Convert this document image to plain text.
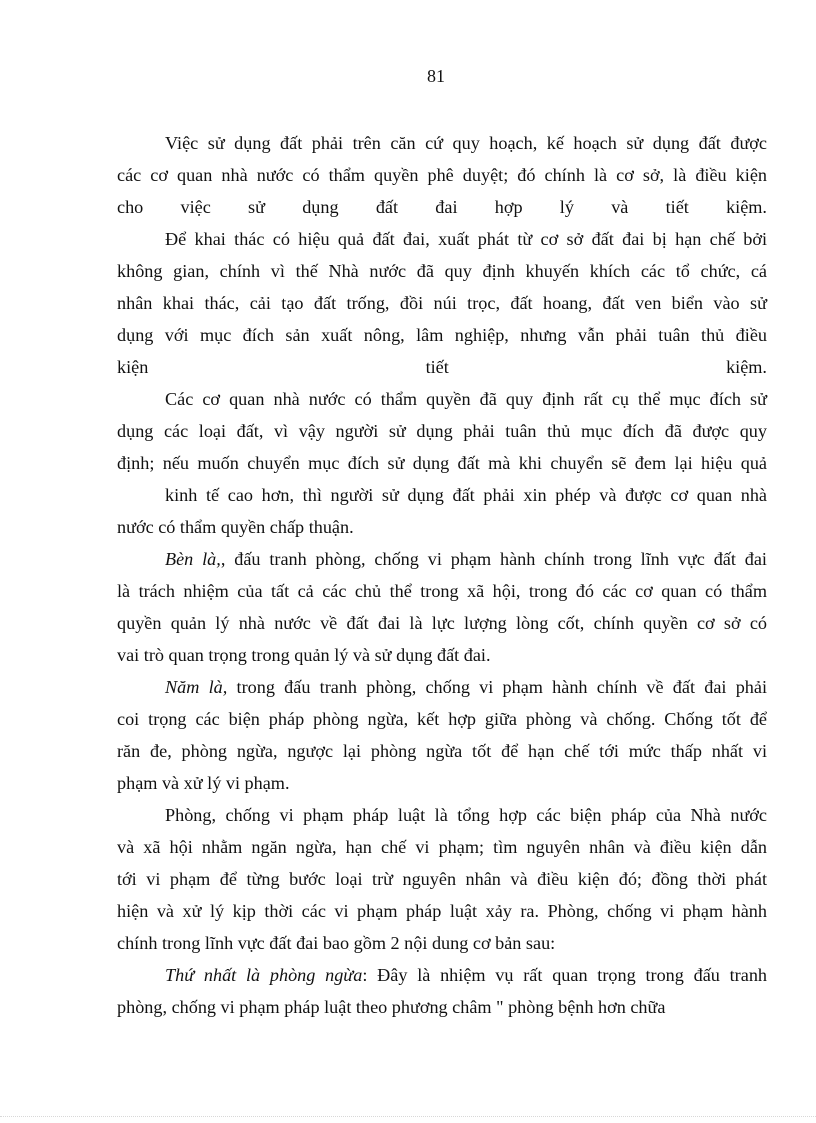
81
Việc sử dụng đất phải trên căn cứ quy hoạch, kế hoạch sử dụng đất được
các cơ quan nhà nước có thẩm quyền phê duyệt; đó chính là cơ sở, là điều kiện
cho việc sử dụng đất đai hợp lý và tiết kiệm.
Để khai thác có hiệu quả đất đai, xuất phát từ cơ sở đất đai bị hạn chế bởi
không gian, chính vì thế Nhà nước đã quy định khuyến khích các tổ chức, cá
nhân khai thác, cải tạo đất trống, đồi núi trọc, đất hoang, đất ven biển vào sử
dụng với mục đích sản xuất nông, lâm nghiệp, nhưng vẫn phải tuân thủ điều
kiện	tiết	kiệm.
Các cơ quan nhà nước có thẩm quyền đã quy định rất cụ thể mục đích sử
dụng các loại đất, vì vậy người sử dụng phải tuân thủ mục đích đã được quy
định; nếu muốn chuyển mục đích sử dụng đất mà khi chuyển sẽ đem lại hiệu quả
kinh tế cao hơn, thì người sử dụng đất phải xin phép và được cơ quan nhà
nước có thẩm quyền chấp thuận.
Bèn là,, đấu tranh phòng, chống vi phạm hành chính trong lĩnh vực đất đai
là trách nhiệm của tất cả các chủ thể trong xã hội, trong đó các cơ quan có thẩm
quyền quản lý nhà nước về đất đai là lực lượng lòng cốt, chính quyền cơ sở có
vai trò quan trọng trong quản lý và sử dụng đất đai.
Năm là, trong đấu tranh phòng, chống vi phạm hành chính về đất đai phải
coi trọng các biện pháp phòng ngừa, kết hợp giữa phòng và chống. Chống tốt để
răn đe, phòng ngừa, ngược lại phòng ngừa tốt để hạn chế tới mức thấp nhất vi
phạm và xử lý vi phạm.
Phòng, chống vi phạm pháp luật là tổng hợp các biện pháp của Nhà nước
và xã hội nhằm ngăn ngừa, hạn chế vi phạm; tìm nguyên nhân và điều kiện dẫn
tới vi phạm để từng bước loại trừ nguyên nhân và điều kiện đó; đồng thời phát
hiện và xử lý kịp thời các vi phạm pháp luật xảy ra. Phòng, chống vi phạm hành
chính trong lĩnh vực đất đai bao gồm 2 nội dung cơ bản sau:
Thứ nhất là phòng ngừa: Đây là nhiệm vụ rất quan trọng trong đấu tranh
phòng, chống vi phạm pháp luật theo phương châm " phòng bệnh hơn chữa
